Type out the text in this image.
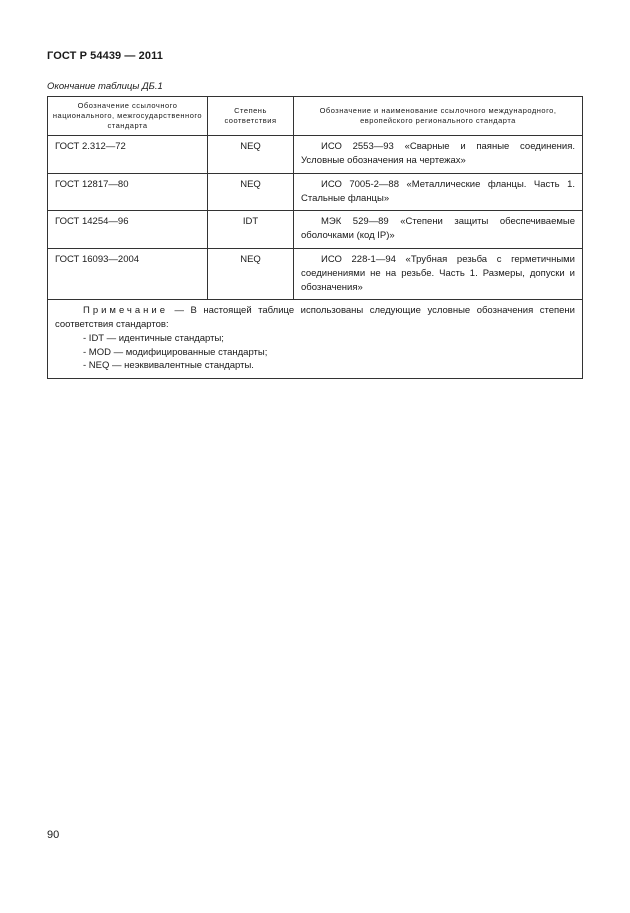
ГОСТ Р 54439 — 2011
Окончание таблицы ДБ.1
Обозначение ссылочного национального, межгосударственного стандарта	Степень соответствия	Обозначение и наименование ссылочного международного, европейского регионального стандарта
ГОСТ 2.312—72	NEQ	ИСО 2553—93 «Сварные и паяные соединения. Условные обозначения на чертежах»
ГОСТ 12817—80	NEQ	ИСО 7005-2—88 «Металлические фланцы. Часть 1. Стальные фланцы»
ГОСТ 14254—96	IDT	МЭК 529—89 «Степени защиты обеспечиваемые оболочками (код IP)»
ГОСТ 16093—2004	NEQ	ИСО 228-1—94 «Трубная резьба с герметичными соединениями не на резьбе. Часть 1. Размеры, допуски и обозначения»

Примечание — В настоящей таблице использованы следующие условные обозначения степени соответствия стандартов:
- IDT — идентичные стандарты;
- MOD — модифицированные стандарты;
- NEQ — неэквивалентные стандарты.		
90
